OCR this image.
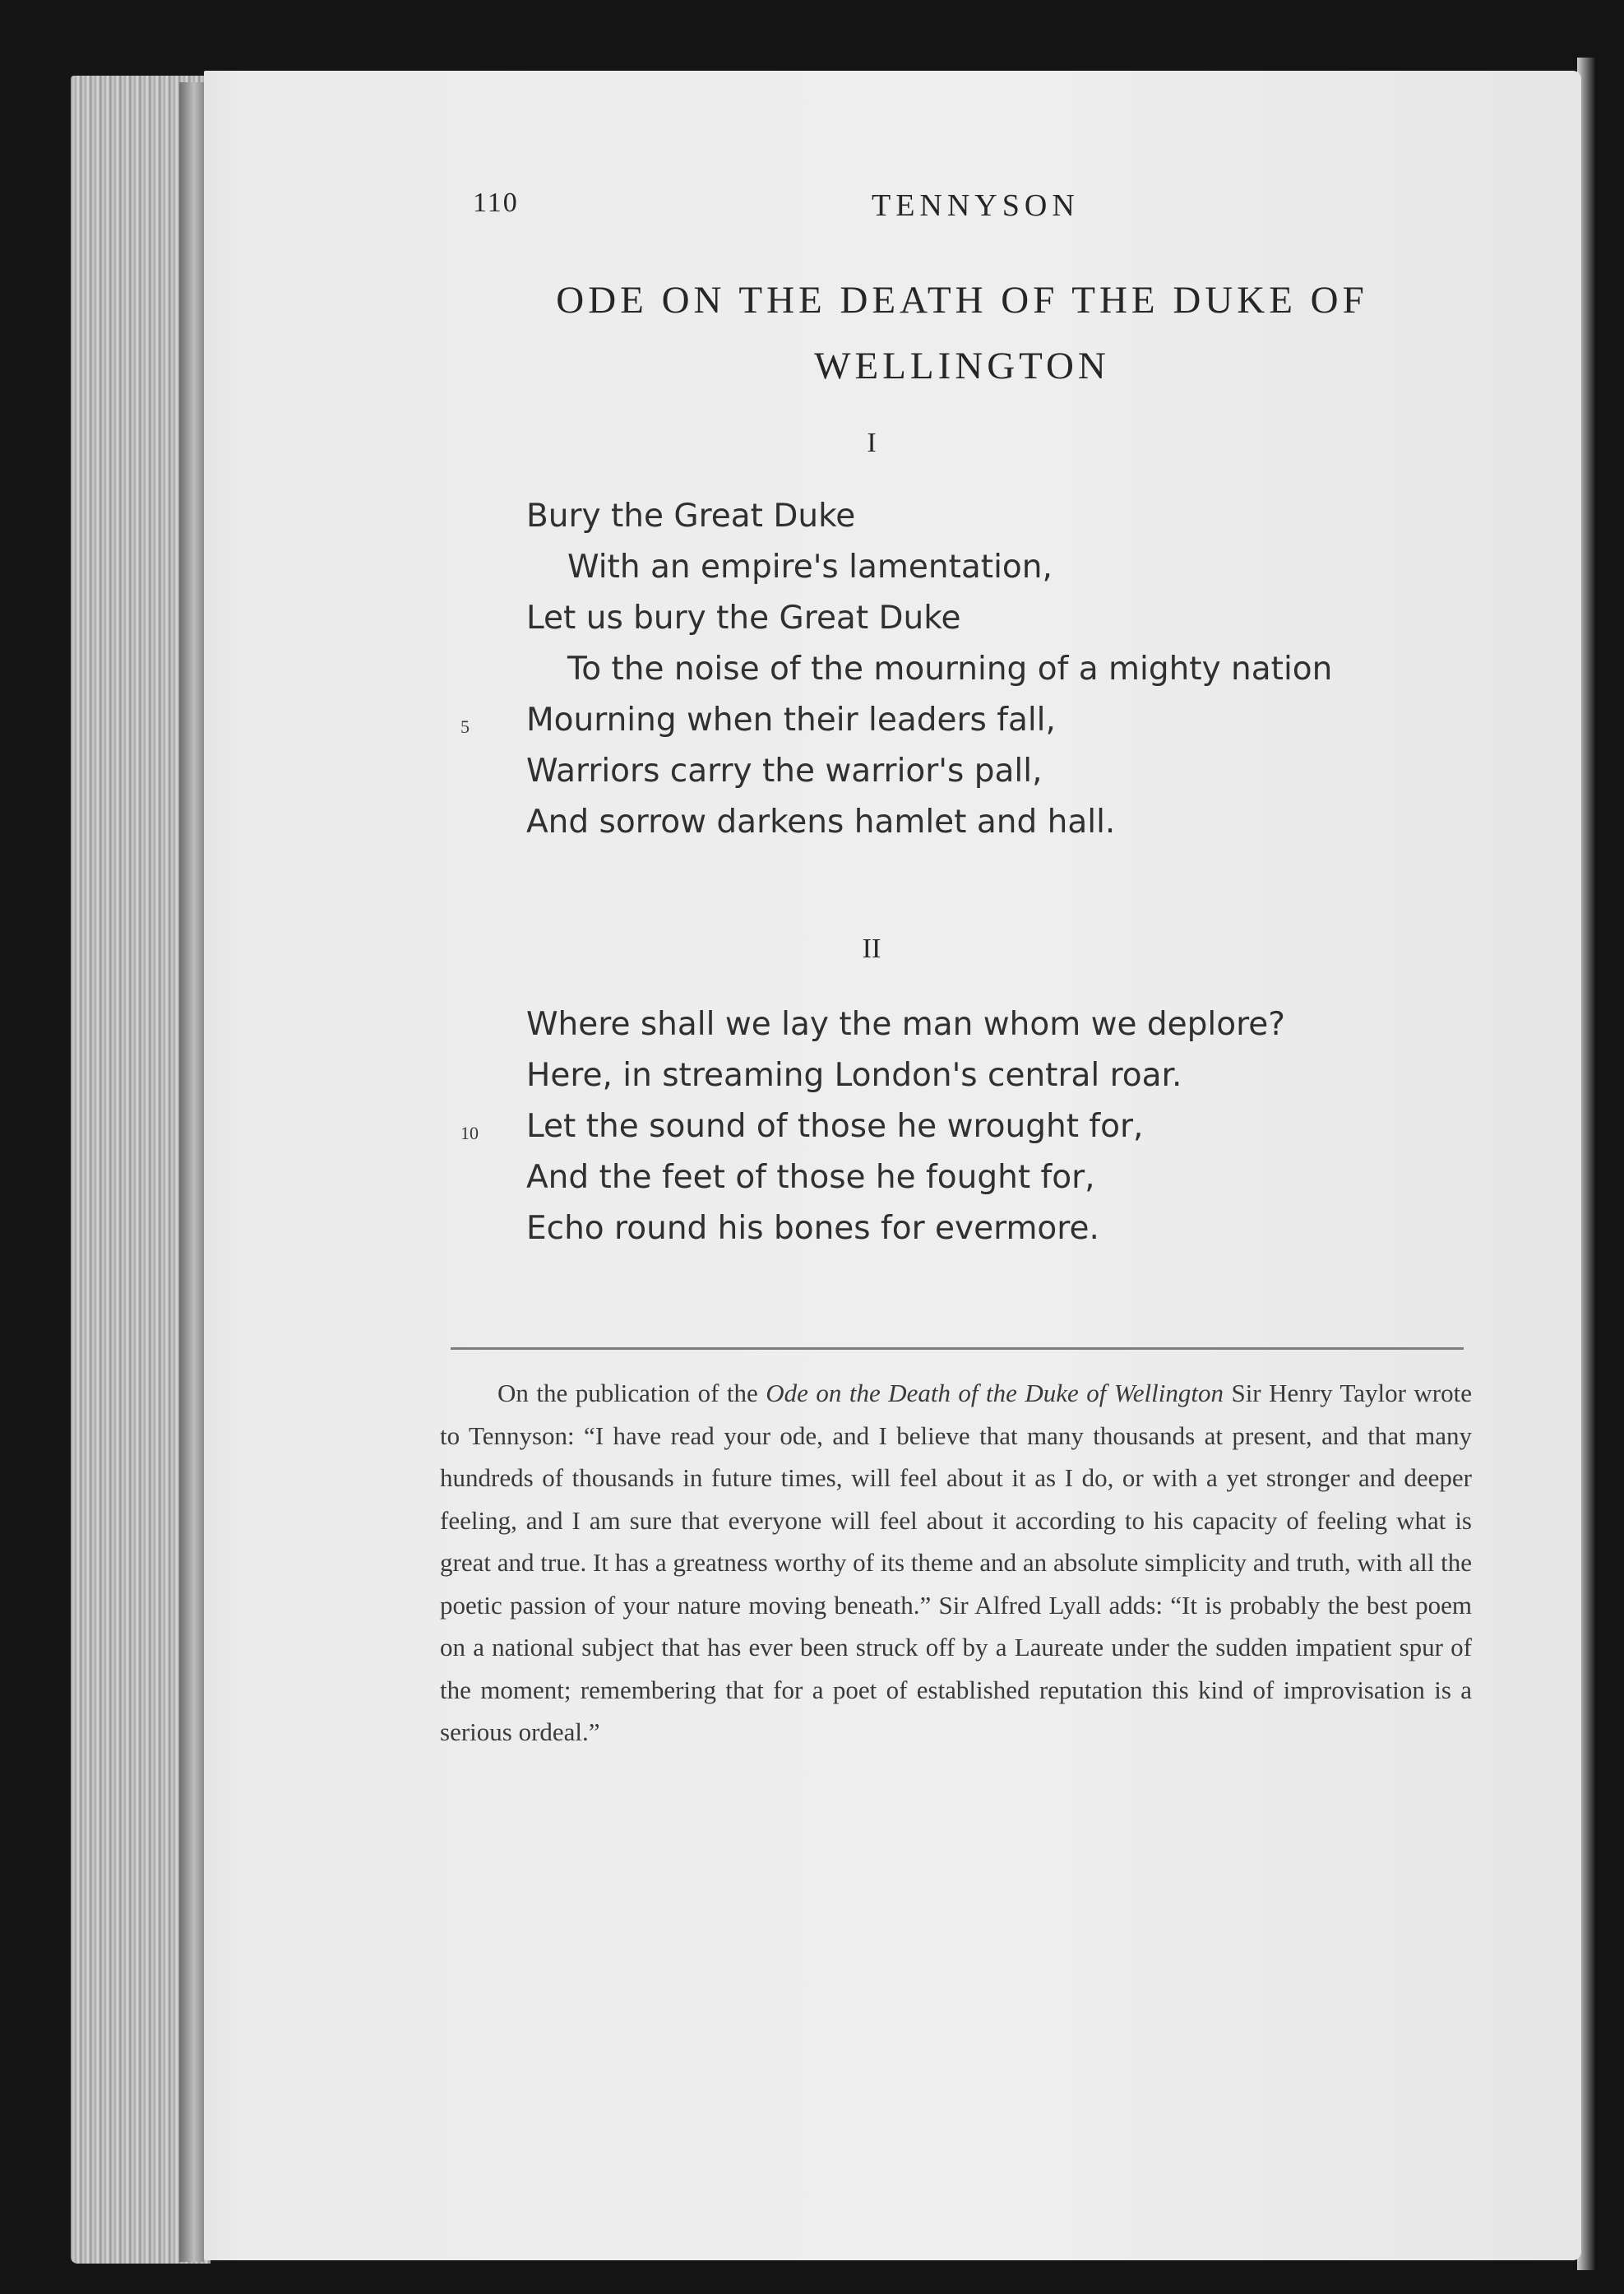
110	TENNYSON
ODE ON THE DEATH OF THE DUKE OF
WELLINGTON
I
Bury the Great Duke
With an empire's lamentation,
Let us bury the Great Duke
To the noise of the mourning of a mighty nation
5 Mourning when their leaders fall,
Warriors carry the warrior's pall,
And sorrow darkens hamlet and hall.
II
Where shall we lay the man whom we deplore?
Here, in streaming London's central roar.
10 Let the sound of those he wrought for,
And the feet of those he fought for,
Echo round his bones for evermore.
On the publication of the Ode on the Death of the Duke of Wellington Sir Henry Taylor wrote to Tennyson: “I have read your ode, and I believe that many thousands at present, and that many hundreds of thousands in future times, will feel about it as I do, or with a yet stronger and deeper feeling, and I am sure that everyone will feel about it according to his capacity of feeling what is great and true. It has a greatness worthy of its theme and an absolute simplicity and truth, with all the poetic passion of your nature moving beneath.” Sir Alfred Lyall adds: “It is probably the best poem on a national subject that has ever been struck off by a Laureate under the sudden impatient spur of the moment; remembering that for a poet of established reputation this kind of improvisation is a serious ordeal.”
